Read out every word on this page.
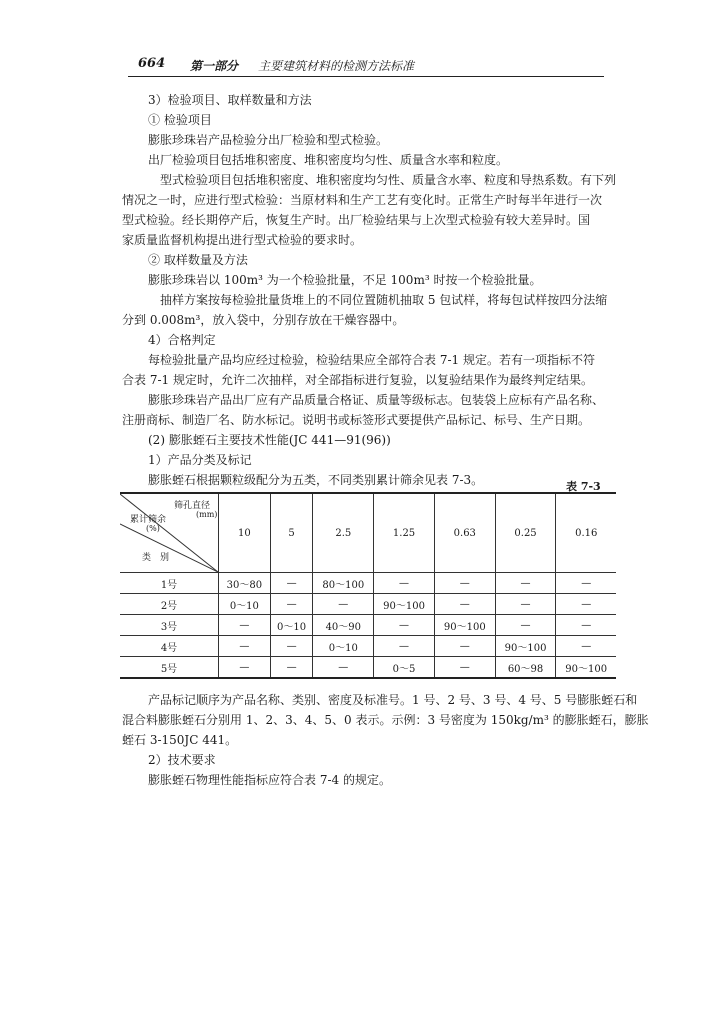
664 第一部分 主要建筑材料的检测方法标准
3）检验项目、取样数量和方法
① 检验项目
膨胀珍珠岩产品检验分出厂检验和型式检验。
出厂检验项目包括堆积密度、堆积密度均匀性、质量含水率和粒度。
型式检验项目包括堆积密度、堆积密度均匀性、质量含水率、粒度和导热系数。有下列
情况之一时，应进行型式检验：当原材料和生产工艺有变化时。正常生产时每半年进行一次
型式检验。经长期停产后，恢复生产时。出厂检验结果与上次型式检验有较大差异时。国
家质量监督机构提出进行型式检验的要求时。
② 取样数量及方法
膨胀珍珠岩以 100m³ 为一个检验批量，不足 100m³ 时按一个检验批量。
抽样方案按每检验批量货堆上的不同位置随机抽取 5 包试样，将每包试样按四分法缩
分到 0.008m³，放入袋中，分别存放在干燥容器中。
4）合格判定
每检验批量产品均应经过检验，检验结果应全部符合表 7-1 规定。若有一项指标不符
合表 7-1 规定时，允许二次抽样，对全部指标进行复验，以复验结果作为最终判定结果。
膨胀珍珠岩产品出厂应有产品质量合格证、质量等级标志。包装袋上应标有产品名称、
注册商标、制造厂名、防水标记。说明书或标签形式要提供产品标记、标号、生产日期。
(2) 膨胀蛭石主要技术性能(JC 441—91(96))
1）产品分类及标记
膨胀蛭石根据颗粒级配分为五类，不同类别累计筛余见表 7-3。	表 7-3
筛孔直径
(mm)
累计筛余
(%)
类　别	10	5	2.5	1.25	0.63	0.25	0.16
1号	30～80	—	80～100	—	—	—	—
2号	0～10	—	—	90～100	—	—	—
3号	—	0～10	40～90	—	90～100	—	—
4号	—	—	0～10	—	—	90～100	—
5号	—	—	—	0～5	—	60～98	90～100
产品标记顺序为产品名称、类别、密度及标准号。1 号、2 号、3 号、4 号、5 号膨胀蛭石和
混合料膨胀蛭石分别用 1、2、3、4、5、0 表示。示例：3 号密度为 150kg/m³ 的膨胀蛭石，膨胀
蛭石 3-150JC 441。
2）技术要求
膨胀蛭石物理性能指标应符合表 7-4 的规定。
